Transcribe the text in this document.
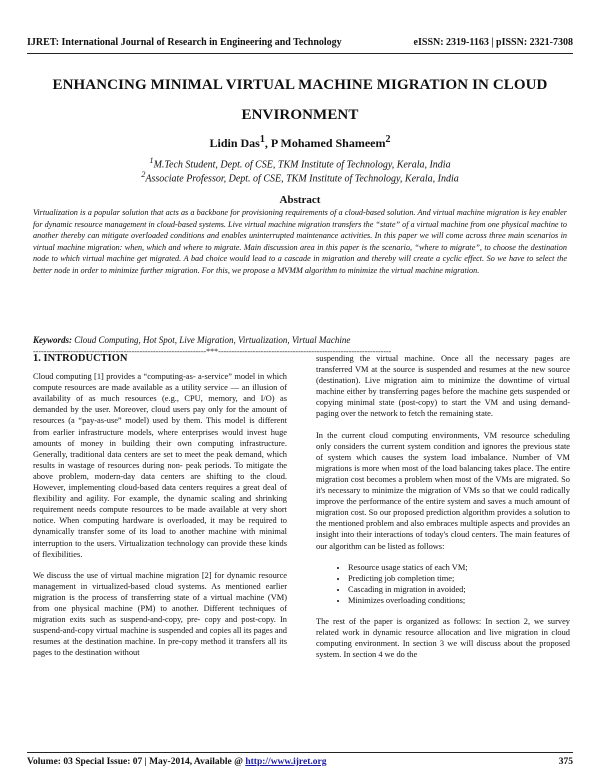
IJRET: International Journal of Research in Engineering and Technology	eISSN: 2319-1163 | pISSN: 2321-7308
ENHANCING MINIMAL VIRTUAL MACHINE MIGRATION IN CLOUD ENVIRONMENT
Lidin Das$^1$, P Mohamed Shameem$^2$
$^1$M.Tech Student, Dept. of CSE, TKM Institute of Technology, Kerala, India
$^2$Associate Professor, Dept. of CSE, TKM Institute of Technology, Kerala, India
Abstract
Virtualization is a popular solution that acts as a backbone for provisioning requirements of a cloud-based solution. And virtual machine migration is key enabler for dynamic resource management in cloud-based systems. Live virtual machine migration transfers the “state” of a virtual machine from one physical machine to another thereby can mitigate overloaded conditions and enables uninterrupted maintenance activities. In this paper we will come across three main scenarios in virtual machine migration: when, which and where to migrate. Main discussion area in this paper is the scenario, “where to migrate”, to choose the destination node to which virtual machine get migrated. A bad choice would lead to a cascade in migration and thereby will create a cyclic effect. So we have to select the better node in order to minimize further migration. For this, we propose a MVMM algorithm to minimize the virtual machine migration.
Keywords: Cloud Computing, Hot Spot, Live Migration, Virtualization, Virtual Machine
-----------------------------------------------------------------***-----------------------------------------------------------------
1. INTRODUCTION

Cloud computing [1] provides a “computing-as- a-service” model in which compute resources are made available as a utility service — an illusion of availability of as much resources (e.g., CPU, memory, and I/O) as demanded by the user. Moreover, cloud users pay only for the amount of resources (a “pay-as-use” model) used by them. This model is different from earlier infrastructure models, where enterprises would invest huge amounts of money in building their own computing infrastructure. Generally, traditional data centers are set to meet the peak demand, which results in wastage of resources during non- peak periods. To mitigate the above problem, modern-day data centers are shifting to the cloud. However, implementing cloud-based data centers requires a great deal of flexibility and agility. For example, the dynamic scaling and shrinking requirement needs compute resources to be made available at very short notice. When computing hardware is overloaded, it may be required to dynamically transfer some of its load to another machine with minimal interruption to the users. Virtualization technology can provide these kinds of flexibilities.

We discuss the use of virtual machine migration [2] for dynamic resource management in virtualized-based cloud systems. As mentioned earlier migration is the process of transferring state of a virtual machine (VM) from one physical machine (PM) to another. Different techniques of migration exits such as suspend-and-copy, pre- copy and post-copy. In suspend-and-copy virtual machine is suspended and copies all its pages and resumes at the destination machine. In pre-copy method it transfers all its pages to the destination without

suspending the virtual machine. Once all the necessary pages are transferred VM at the source is suspended and resumes at the new source (destination). Live migration aim to minimize the downtime of virtual machine either by transferring pages before the machine gets suspended or copying minimal state (post-copy) to start the VM and using demand-paging over the network to fetch the remaining state.

In the current cloud computing environments, VM resource scheduling only considers the current system condition and ignores the previous state of system which causes the system load imbalance. Number of VM migrations is more when most of the load balancing takes place. The entire migration cost becomes a problem when most of the VMs are migrated. So it's necessary to minimize the migration of VMs so that we could radically improve the performance of the entire system and saves a much amount of migration cost. So our proposed prediction algorithm provides a solution to the mentioned problem and also embraces multiple aspects and provides an insight into their interactions of today's cloud centers. The main features of our algorithm can be listed as follows:

• Resource usage statics of each VM;
• Predicting job completion time;
• Cascading in migration in avoided;
• Minimizes overloading conditions;

The rest of the paper is organized as follows: In section 2, we survey related work in dynamic resource allocation and live migration in cloud computing environment. In section 3 we will discuss about the proposed system. In section 4 we do the

Volume: 03 Special Issue: 07 | May-2014, Available @ http://www.ijret.org	375
